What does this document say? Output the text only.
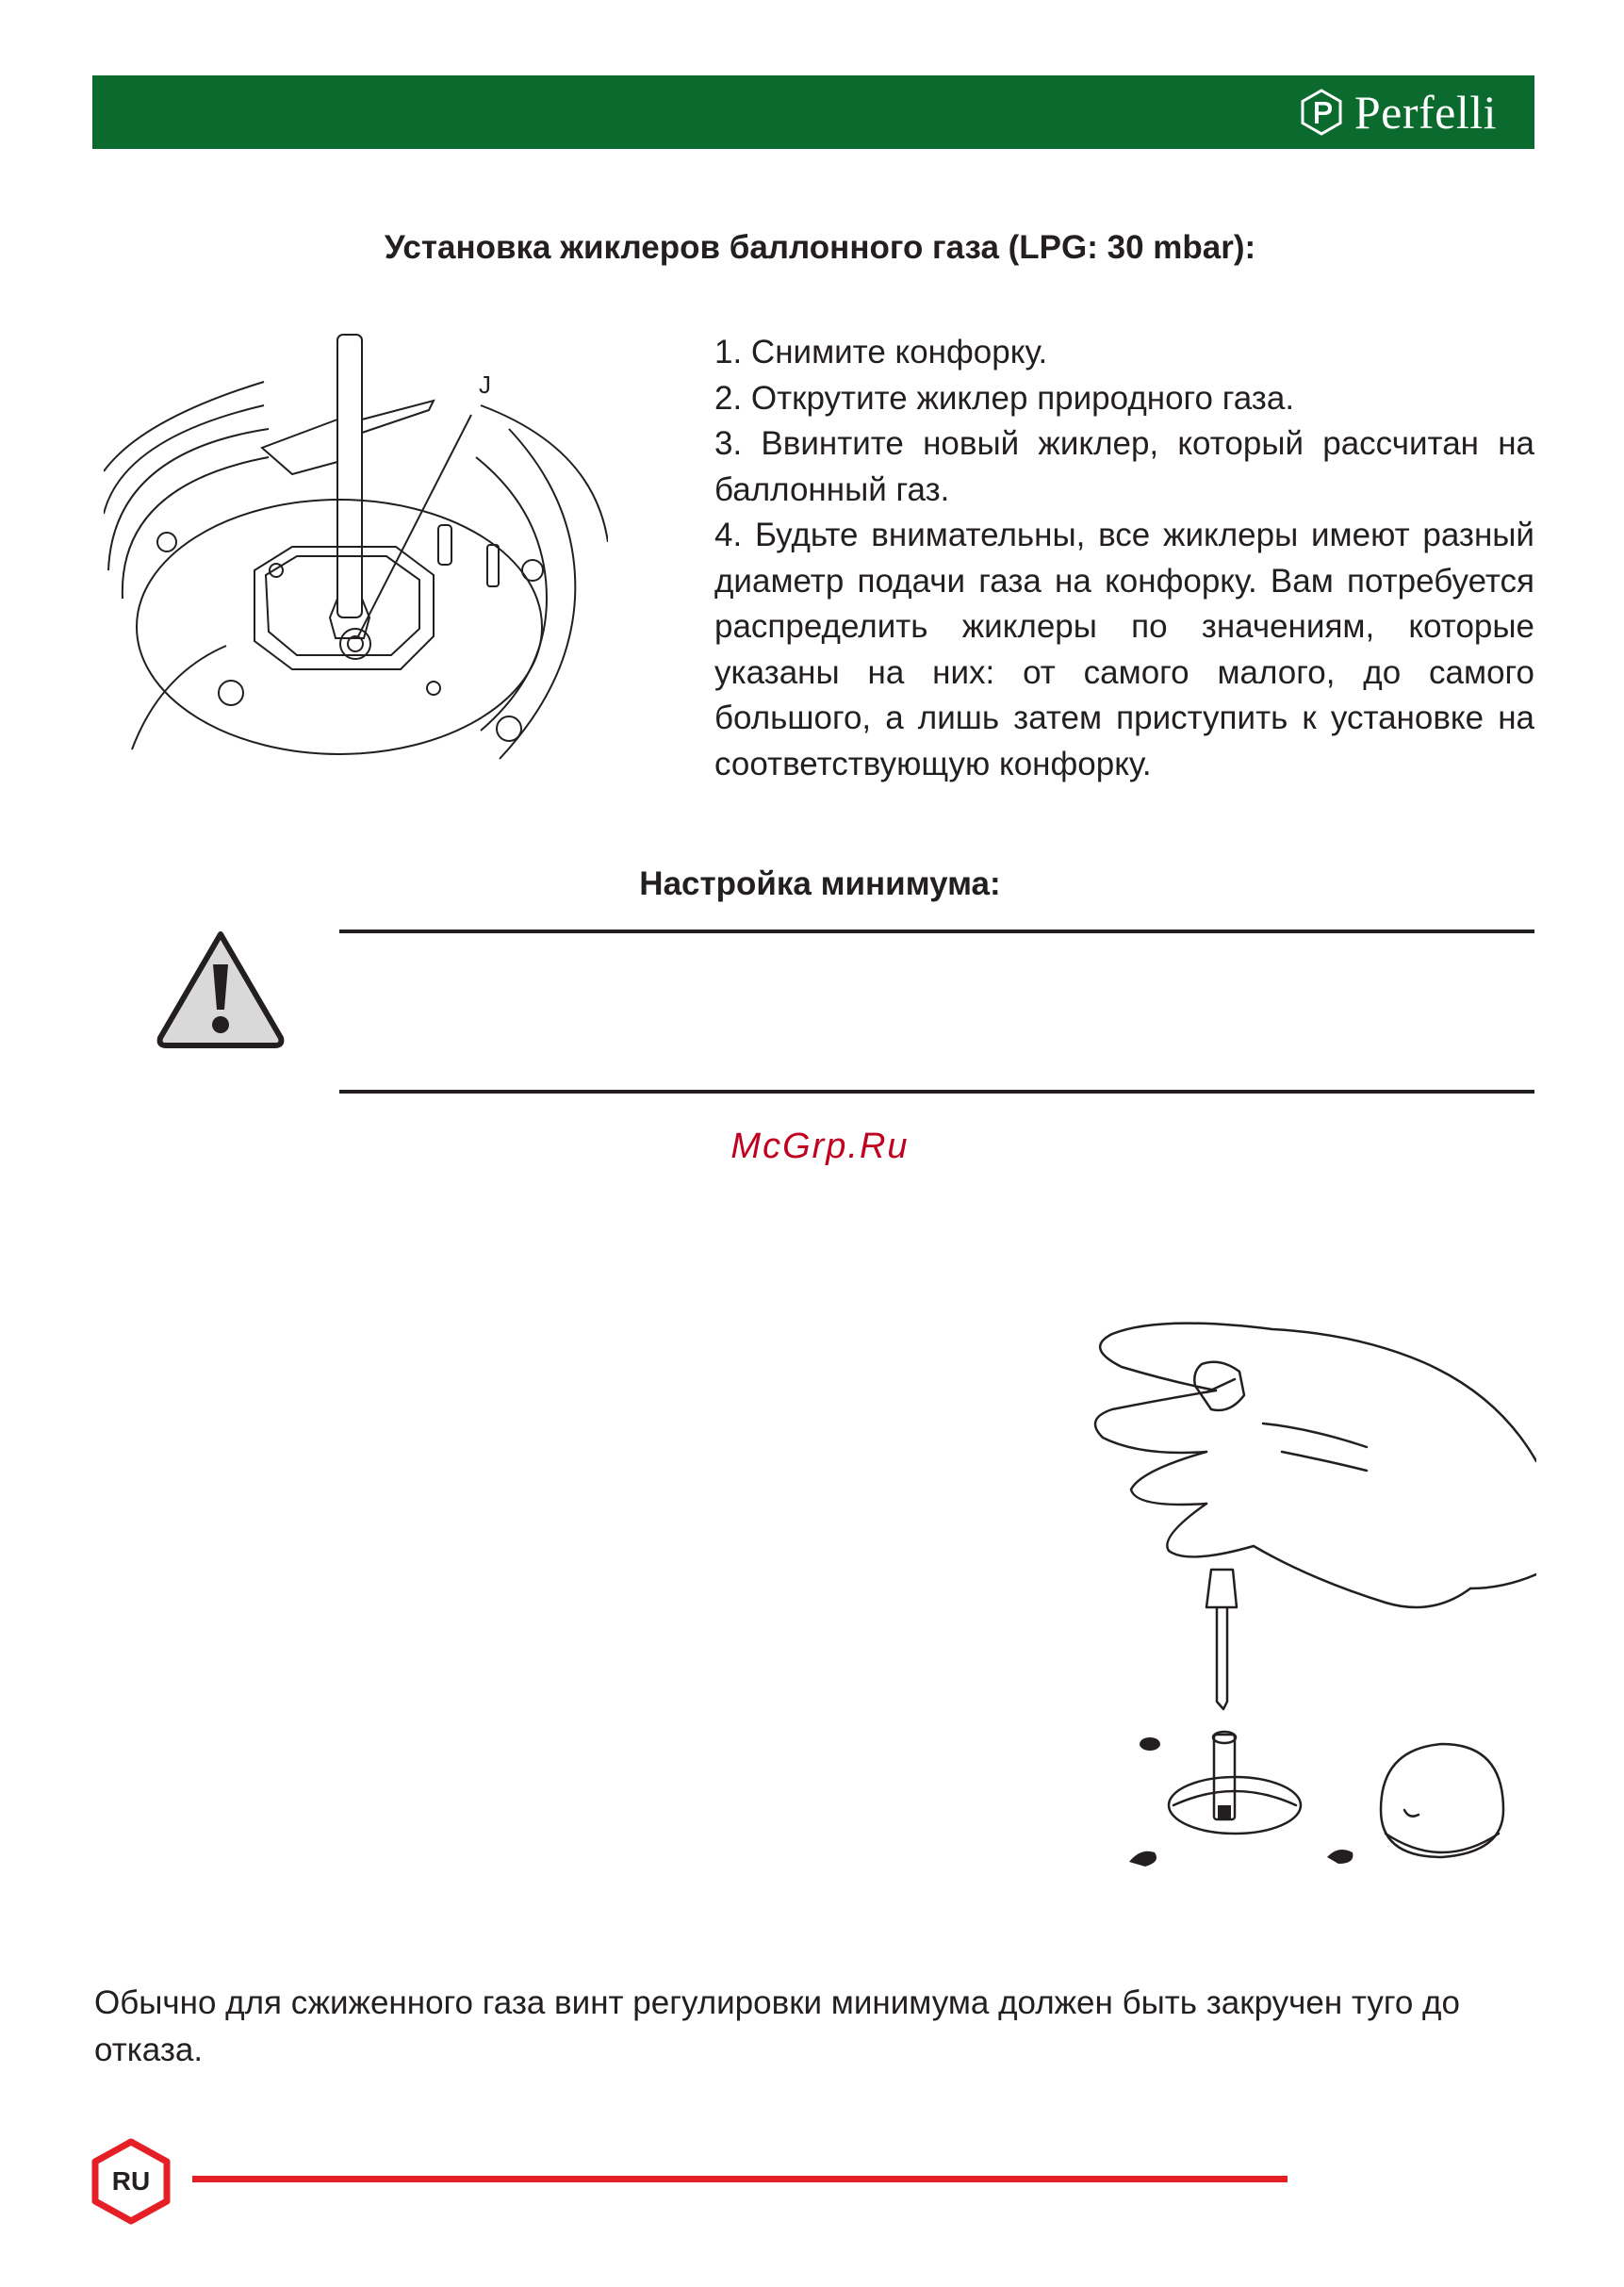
Perfelli
Установка жиклеров баллонного газа (LPG: 30 mbar):
J
1. Снимите конфорку.
2. Открутите жиклер природного газа.
3. Ввинтите новый жиклер, который рассчитан на баллонный газ.
4. Будьте внимательны, все жиклеры имеют разный диаметр подачи газа на конфорку. Вам потребуется распределить жиклеры по значениям, которые указаны на них: от самого малого, до самого большого, а лишь затем приступить к установке на соответствующую конфорку.
Настройка минимума:
McGrp.Ru
Обычно для сжиженного газа винт регулировки минимума должен быть закручен туго до отказа.
RU
